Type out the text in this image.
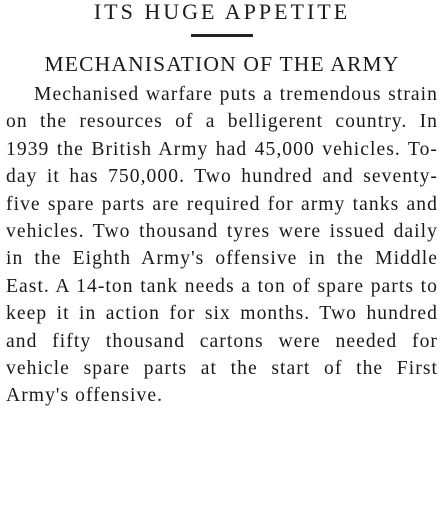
ITS HUGE APPETITE
MECHANISATION OF THE ARMY

Mechanised warfare puts a tremendous strain on the resources of a belligerent country. In 1939 the British Army had 45,000 vehicles. To-day it has 750,000. Two hundred and seventy-five spare parts are required for army tanks and vehicles. Two thousand tyres were issued daily in the Eighth Army's offensive in the Middle East. A 14-ton tank needs a ton of spare parts to keep it in action for six months. Two hundred and fifty thousand cartons were needed for vehicle spare parts at the start of the First Army's offensive.
